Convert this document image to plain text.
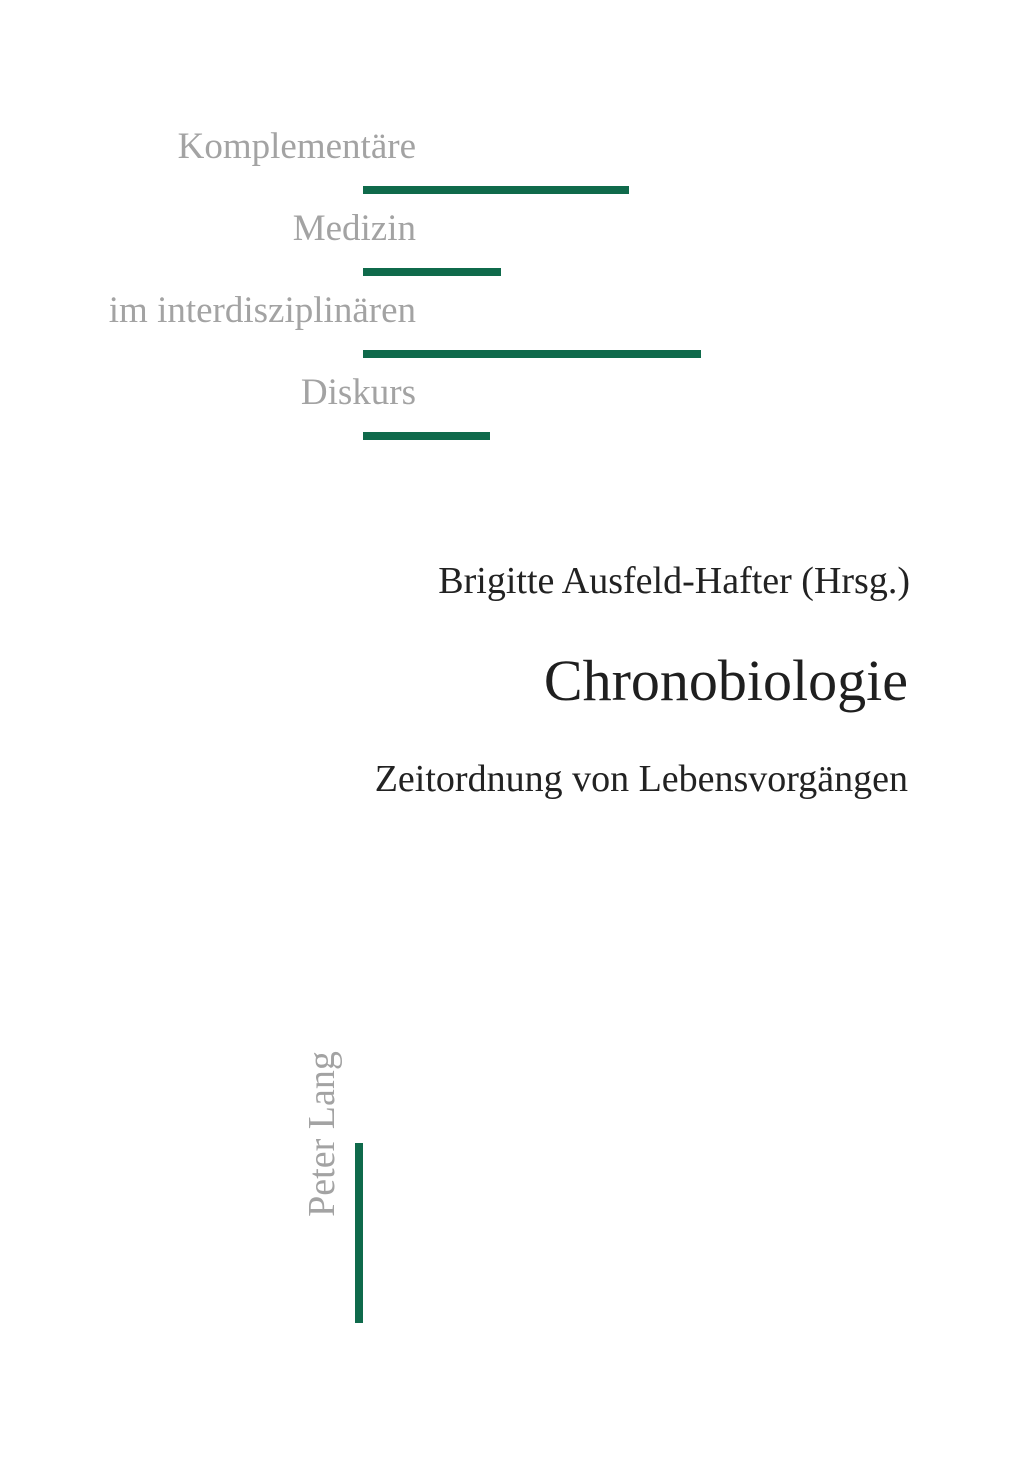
Komplementäre
Medizin
im interdisziplinären
Diskurs
Brigitte Ausfeld-Hafter (Hrsg.)
Chronobiologie
Zeitordnung von Lebensvorgängen
Peter Lang
